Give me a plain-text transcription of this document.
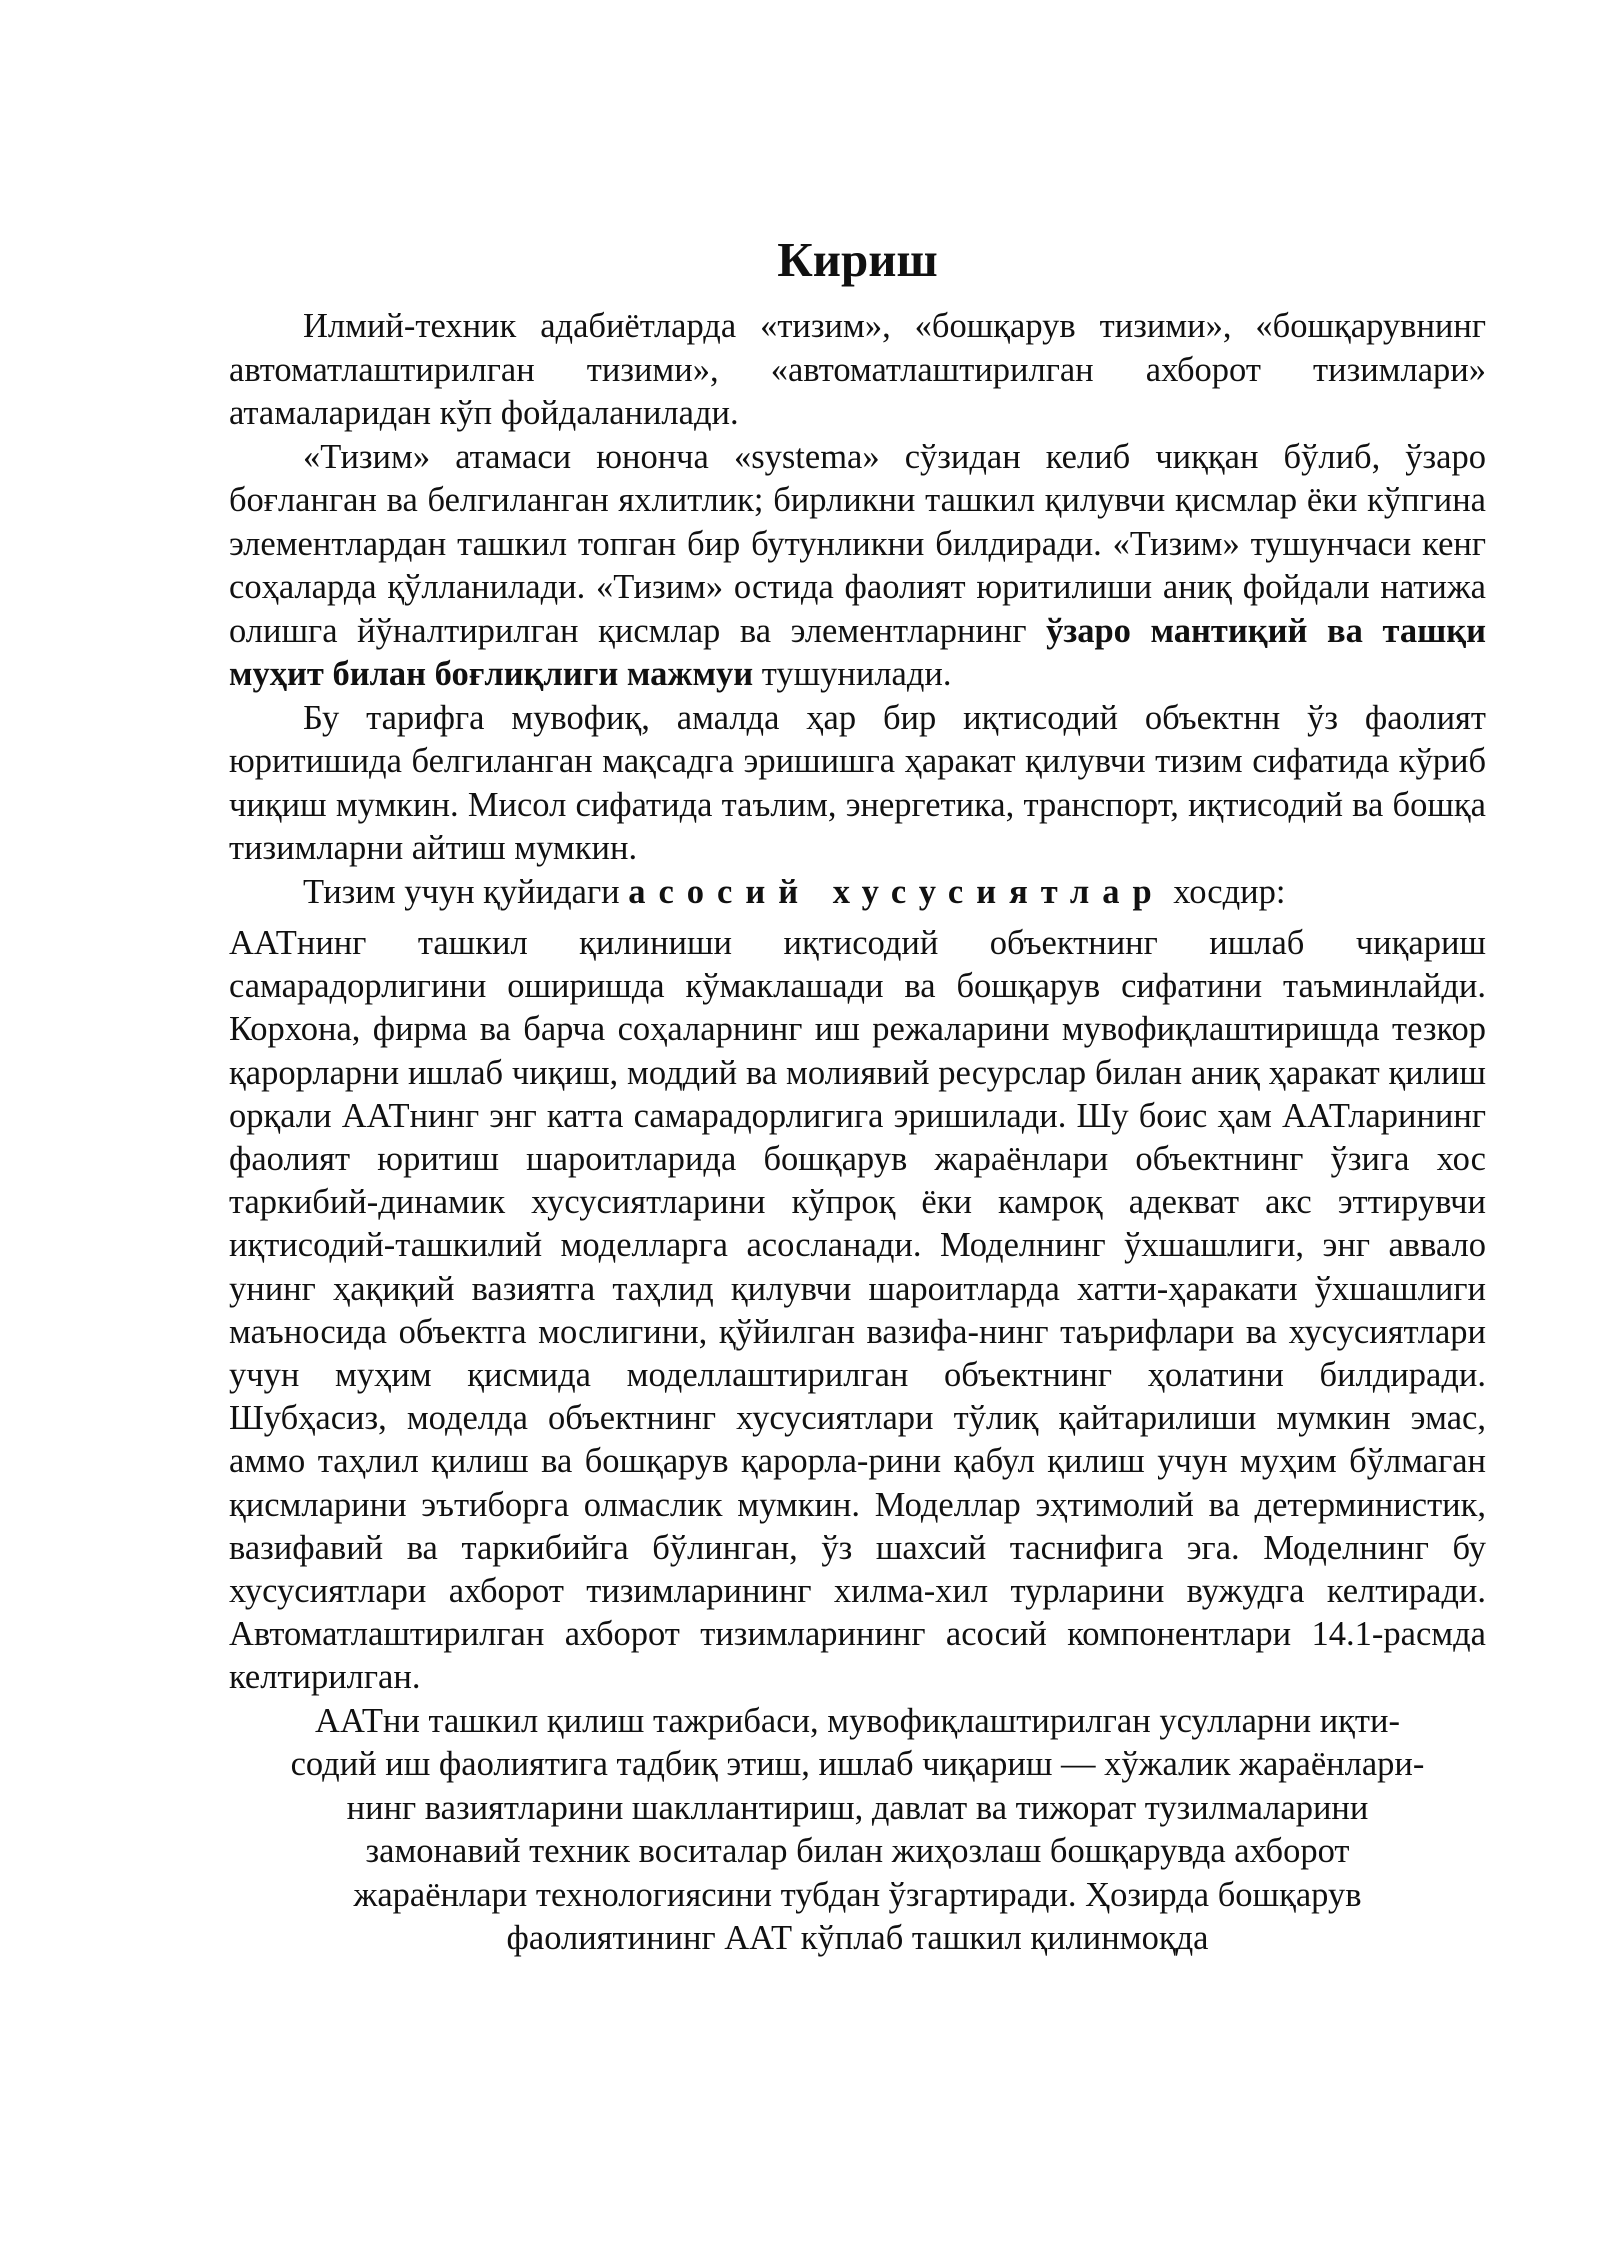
Кириш

Илмий-техник адабиётларда «тизим», «бошқарув тизими», «бошқарувнинг автоматлаштирилган тизими», «автоматлаштирилган ахборот тизимлари» атамаларидан кўп фойдаланилади.

«Тизим» атамаси юнонча «systema» сўзидан келиб чиққан бўлиб, ўзаро боғланган ва белгиланган яхлитлик; бирликни ташкил қилувчи қисмлар ёки кўпгина элементлардан ташкил топган бир бутунликни билдиради. «Тизим» тушунчаси кенг соҳаларда қўлланилади. «Тизим» остида фаолият юритилиши аниқ фойдали натижа олишга йўналтирилган қисмлар ва элементларнинг ўзаро мантиқий ва ташқи муҳит билан боғлиқлиги мажмуи тушунилади.

Бу тарифга мувофиқ, амалда ҳар бир иқтисодий объектнн ўз фаолият юритишида белгиланган мақсадга эришишга ҳаракат қилувчи тизим сифатида кўриб чиқиш мумкин. Мисол сифатида таълим, энергетика, транспорт, иқтисодий ва бошқа тизимларни айтиш мумкин.

Тизим учун қуйидаги асосий хусусиятлар хосдир:

ААТнинг ташкил қилиниши иқтисодий объектнинг ишлаб чиқариш самарадорлигини оширишда кўмаклашади ва бошқарув сифатини таъминлайди. Корхона, фирма ва барча соҳаларнинг иш режаларини мувофиқлаштиришда тезкор қарорларни ишлаб чиқиш, моддий ва молиявий ресурслар билан аниқ ҳаракат қилиш орқали ААТнинг энг катта самарадорлигига эришилади. Шу боис ҳам ААТларининг фаолият юритиш шароитларида бошқарув жараёнлари объектнинг ўзига хос таркибий-динамик хусусиятларини кўпроқ ёки камроқ адекват акс эттирувчи иқтисодий-ташкилий моделларга асосланади. Моделнинг ўхшашлиги, энг аввало унинг ҳақиқий вазиятга таҳлид қилувчи шароитларда хатти-ҳаракати ўхшашлиги маъносида объектга мослигини, қўйилган вазифа-нинг таърифлари ва хусусиятлари учун муҳим қисмида моделлаштирилган объектнинг ҳолатини билдиради. Шубҳасиз, моделда объектнинг хусусиятлари тўлиқ қайтарилиши мумкин эмас, аммо таҳлил қилиш ва бошқарув қарорла-рини қабул қилиш учун муҳим бўлмаган қисмларини эътиборга олмаслик мумкин. Моделлар эҳтимолий ва детерминистик, вазифавий ва таркибийга бўлинган, ўз шахсий таснифига эга. Моделнинг бу хусусиятлари ахборот тизимларининг хилма-хил турларини вужудга келтиради. Автоматлаштирилган ахборот тизимларининг асосий компонентлари 14.1-расмда келтирилган.

ААТни ташкил қилиш тажрибаси, мувофиқлаштирилган усулларни иқти-
содий иш фаолиятига тадбиқ этиш, ишлаб чиқариш — хўжалик жараёнлари-
нинг вазиятларини шакллантириш, давлат ва тижорат тузилмаларини
замонавий техник воситалар билан жиҳозлаш бошқарувда ахборот
жараёнлари технологиясини тубдан ўзгартиради. Ҳозирда бошқарув
фаолиятининг ААТ кўплаб ташкил қилинмоқда
